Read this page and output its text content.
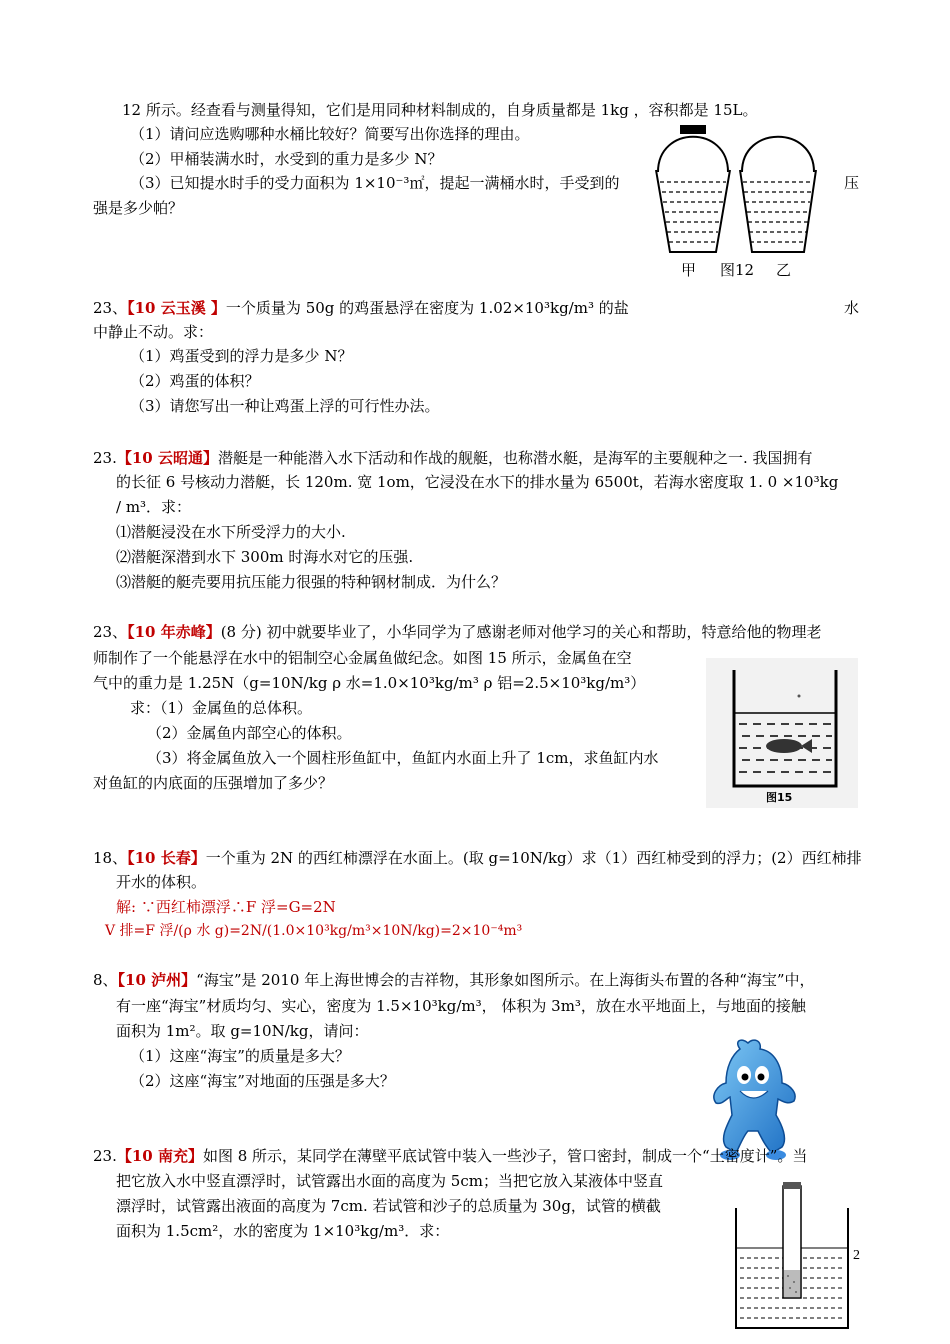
12 所示。经查看与测量得知，它们是用同种材料制成的，自身质量都是 1kg ，容积都是 15L。
（1）请问应选购哪种水桶比较好？简要写出你选择的理由。
（2）甲桶装满水时，水受到的重力是多少 N？
（3）已知提水时手的受力面积为 1×10⁻³㎡，提起一满桶水时，手受到的	压
强是多少帕？
甲 图12 乙
23、【10 云玉溪 】一个质量为 50g 的鸡蛋悬浮在密度为 1.02×10³kg/m³ 的盐	水
中静止不动。求：
（1）鸡蛋受到的浮力是多少 N？
（2）鸡蛋的体积？
（3）请您写出一种让鸡蛋上浮的可行性办法。
23.【10 云昭通】潜艇是一种能潜入水下活动和作战的舰艇，也称潜水艇，是海军的主要舰种之一. 我国拥有
的长征 6 号核动力潜艇，长 120m. 宽 1om，它浸没在水下的排水量为 6500t，若海水密度取 1. 0 ×10³kg
/ m³．求：
⑴潜艇浸没在水下所受浮力的大小.
⑵潜艇深潜到水下 300m 时海水对它的压强.
⑶潜艇的艇壳要用抗压能力很强的特种钢材制成．为什么？
23、【10 年赤峰】(8 分) 初中就要毕业了，小华同学为了感谢老师对他学习的关心和帮助，特意给他的物理老
师制作了一个能悬浮在水中的铝制空心金属鱼做纪念。如图 15 所示，金属鱼在空
气中的重力是 1.25N（g=10N/kg ρ 水=1.0×10³kg/m³ ρ 铝=2.5×10³kg/m³）
求：（1）金属鱼的总体积。
（2）金属鱼内部空心的体积。
（3）将金属鱼放入一个圆柱形鱼缸中，鱼缸内水面上升了 1cm，求鱼缸内水
对鱼缸的内底面的压强增加了多少？
图15
18、【10 长春】一个重为 2N 的西红柿漂浮在水面上。(取 g=10N/kg）求（1）西红柿受到的浮力；(2）西红柿排
开水的体积。
解: ∵西红柿漂浮∴F 浮=G=2N
V 排=F 浮/(ρ 水 g)=2N/(1.0×10³kg/m³×10N/kg)=2×10⁻⁴m³
8、【10 泸州】“海宝”是 2010 年上海世博会的吉祥物，其形象如图所示。在上海街头布置的各种“海宝”中，
有一座“海宝”材质均匀、实心，密度为 1.5×10³kg/m³， 体积为 3m³，放在水平地面上，与地面的接触
面积为 1m²。取 g=10N/kg，请问：
（1）这座“海宝”的质量是多大？
（2）这座“海宝”对地面的压强是多大？
23.【10 南充】如图 8 所示，某同学在薄壁平底试管中装入一些沙子，管口密封，制成一个“土密度计”。当
把它放入水中竖直漂浮时，试管露出水面的高度为 5cm；当把它放入某液体中竖直
漂浮时，试管露出液面的高度为 7cm. 若试管和沙子的总质量为 30g，试管的横截
面积为 1.5cm²，水的密度为 1×10³kg/m³．求：
2
